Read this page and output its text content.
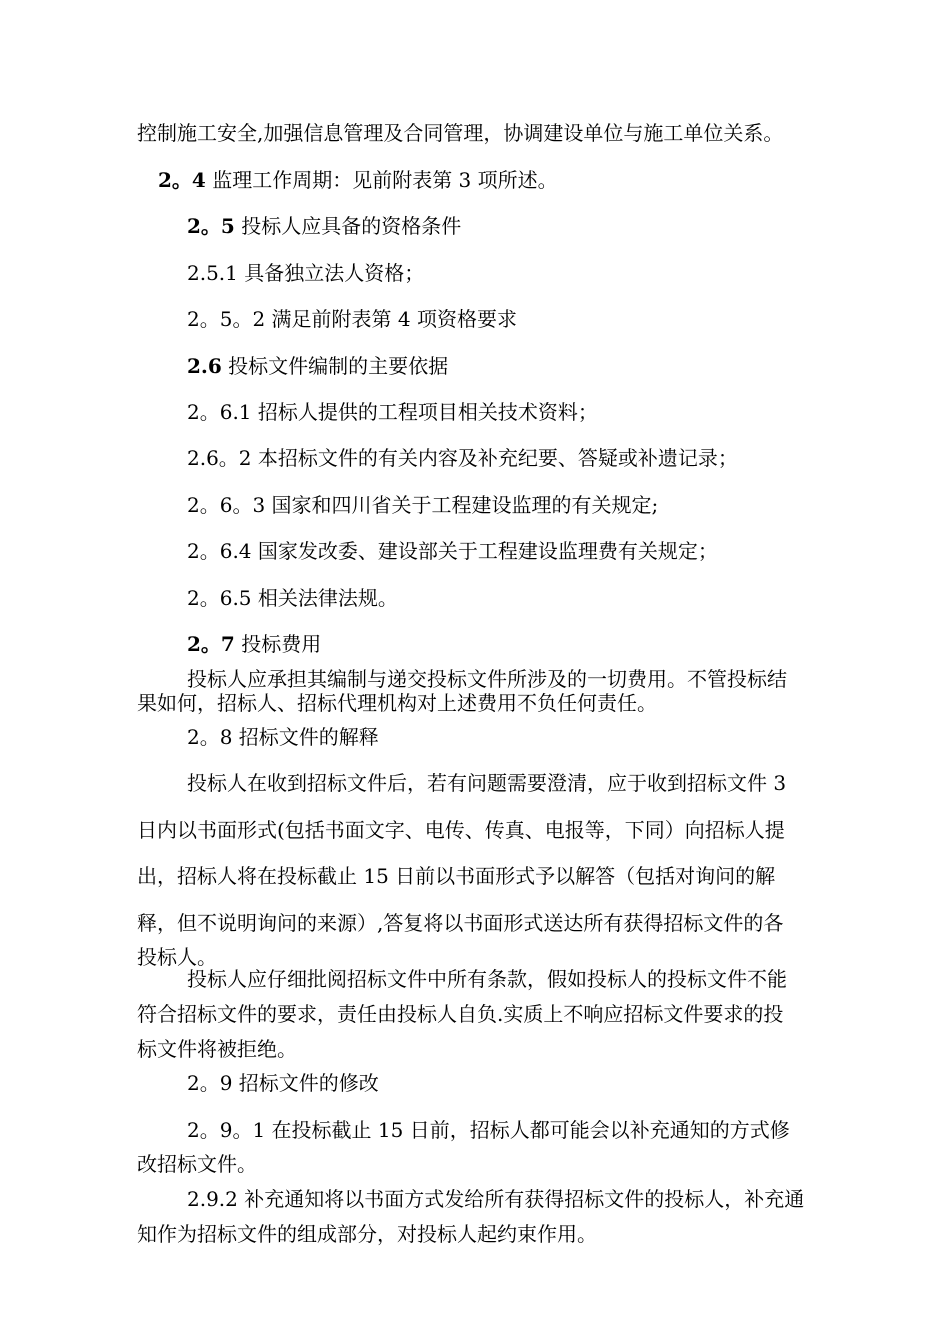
控制施工安全,加强信息管理及合同管理，协调建设单位与施工单位关系。

2。4 监理工作周期：见前附表第 3 项所述。

2。5 投标人应具备的资格条件

2.5.1 具备独立法人资格；

2。5。2 满足前附表第 4 项资格要求

2.6 投标文件编制的主要依据

2。6.1 招标人提供的工程项目相关技术资料；

2.6。2 本招标文件的有关内容及补充纪要、答疑或补遗记录；

2。6。3 国家和四川省关于工程建设监理的有关规定;

2。6.4 国家发改委、建设部关于工程建设监理费有关规定；

2。6.5 相关法律法规。

2。7 投标费用

投标人应承担其编制与递交投标文件所涉及的一切费用。不管投标结

果如何，招标人、招标代理机构对上述费用不负任何责任。

2。8 招标文件的解释

投标人在收到招标文件后，若有问题需要澄清，应于收到招标文件 3

日内以书面形式(包括书面文字、电传、传真、电报等，下同）向招标人提

出，招标人将在投标截止 15 日前以书面形式予以解答（包括对询问的解

释，但不说明询问的来源）,答复将以书面形式送达所有获得招标文件的各

投标人。

投标人应仔细批阅招标文件中所有条款，假如投标人的投标文件不能

符合招标文件的要求，责任由投标人自负.实质上不响应招标文件要求的投

标文件将被拒绝。

2。9 招标文件的修改

2。9。1 在投标截止 15 日前，招标人都可能会以补充通知的方式修

改招标文件。

2.9.2 补充通知将以书面方式发给所有获得招标文件的投标人，补充通

知作为招标文件的组成部分，对投标人起约束作用。
